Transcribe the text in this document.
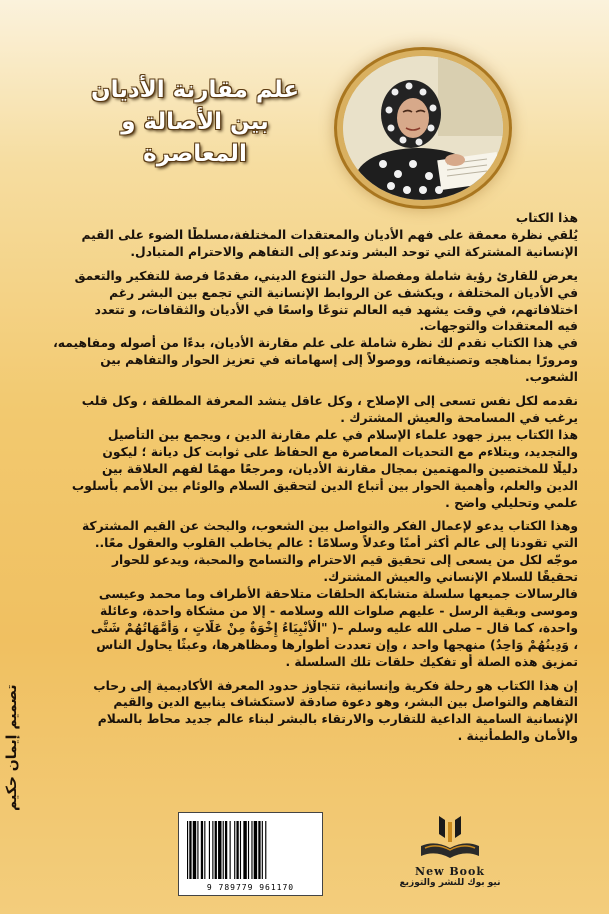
علم مقارنة الأديان
بين الأصالة و
المعاصرة
هذا الكتاب
يُلقي نظرة معمقة على فهم الأديان والمعتقدات المختلفة،مسلطًا الضوء على القيم
الإنسانية المشتركة التي توحد البشر وتدعو إلى التفاهم والاحترام المتبادل.
يعرض للقارئ رؤية شاملة ومفصلة حول التنوع الديني، مقدمًا فرصة للتفكير والتعمق
في الأديان المختلفة ، ويكشف عن الروابط الإنسانية التي تجمع بين البشر رغم
اختلافاتهم، في وقت يشهد فيه العالم تنوعًا واسعًا في الأديان والثقافات، و تتعدد
فيه المعتقدات والتوجهات.
في هذا الكتاب نقدم لك نظرة شاملة على علم مقارنة الأديان، بدءًا من أصوله ومفاهيمه،
ومرورًا بمناهجه وتصنيفاته، ووصولاً إلى إسهاماته في تعزيز الحوار والتفاهم بين
الشعوب.
نقدمه لكل نفس تسعى إلى الإصلاح ، وكل عاقل ينشد المعرفة المطلقة ، وكل قلب
يرغب في المسامحة والعيش المشترك .
هذا الكتاب يبرز جهود علماء الإسلام في علم مقارنة الدين ، ويجمع بين التأصيل
والتجديد، ويتلاءم مع التحديات المعاصرة مع الحفاظ على ثوابت كل ديانة ؛ ليكون
دليلًا للمختصين والمهتمين بمجال مقارنة الأديان، ومرجعًا مهمًا لفهم العلاقة بين
الدين والعلم، وأهمية الحوار بين أتباع الدين لتحقيق السلام والوئام بين الأمم بأسلوب
علمي وتحليلي واضح .
وهذا الكتاب يدعو لإعمال الفكر والتواصل بين الشعوب، والبحث عن القيم المشتركة
التي تقودنا إلى عالم أكثر أمنًا وعدلاً وسلامًا : عالم يخاطب القلوب والعقول معًا..
موجّه لكل من يسعى إلى تحقيق قيم الاحترام والتسامح والمحبة، ويدعو للحوار
تحقيقًا للسلام الإنساني والعيش المشترك.
فالرسالات جميعها سلسلة متشابكة الحلقات متلاحقة الأطراف وما محمد وعيسى
وموسى وبقية الرسل - عليهم صلوات الله وسلامه - إلا من مشكاة واحدة، وعائلة
واحدة، كما قال – صلى الله عليه وسلم –( "الْأَنْبِيَاءُ إِخْوَةٌ مِنْ عَلَّاتٍ ، وَأُمَّهَاتُهُمْ شَتَّى
، وَدِينُهُمْ وَاحِدٌ) منهجها واحد ، وإن تعددت أطوارها ومظاهرها، وعبثًا يحاول الناس
تمزيق هذه الصلة أو تفكيك حلقات تلك السلسلة .
إن هذا الكتاب هو رحلة فكرية وإنسانية، تتجاوز حدود المعرفة الأكاديمية إلى رحاب
التفاهم والتواصل بين البشر، وهو دعوة صادقة لاستكشاف ينابيع الدين والقيم
الإنسانية السامية الداعية للتقارب والارتقاء بالبشر لبناء عالم جديد محاط بالسلام
والأمان والطمأنينة .
تصميم إيمان حكيم
9 789779 961170
New Book
نيو بوك للنشر والتوزيع
